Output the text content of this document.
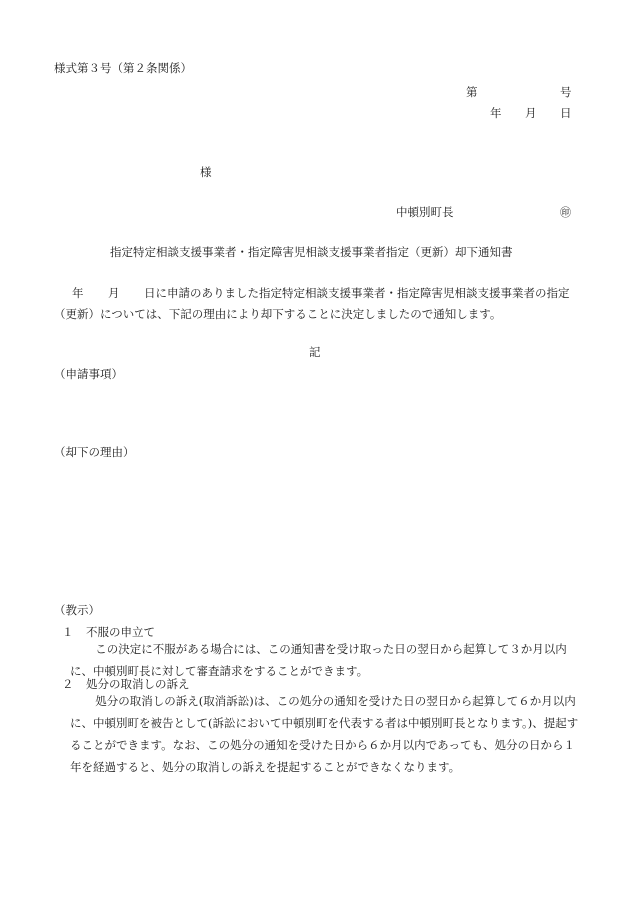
様式第３号（第２条関係）
第	号
年 月 日
様
中頓別町長	㊞
指定特定相談支援事業者・指定障害児相談支援事業者指定（更新）却下通知書
年 月 日に申請のありました指定特定相談支援事業者・指定障害児相談支援事業者の指定
（更新）については、下記の理由により却下することに決定しましたので通知します。
記
（申請事項）
（却下の理由）
（教示）
１ 不服の申立て
この決定に不服がある場合には、この通知書を受け取った日の翌日から起算して３か月以内に、中頓別町長に対して審査請求をすることができます。
２ 処分の取消しの訴え
処分の取消しの訴え(取消訴訟)は、この処分の通知を受けた日の翌日から起算して６か月以内に、中頓別町を被告として(訴訟において中頓別町を代表する者は中頓別町長となります。)、提起することができます。なお、この処分の通知を受けた日から６か月以内であっても、処分の日から１年を経過すると、処分の取消しの訴えを提起することができなくなります。
